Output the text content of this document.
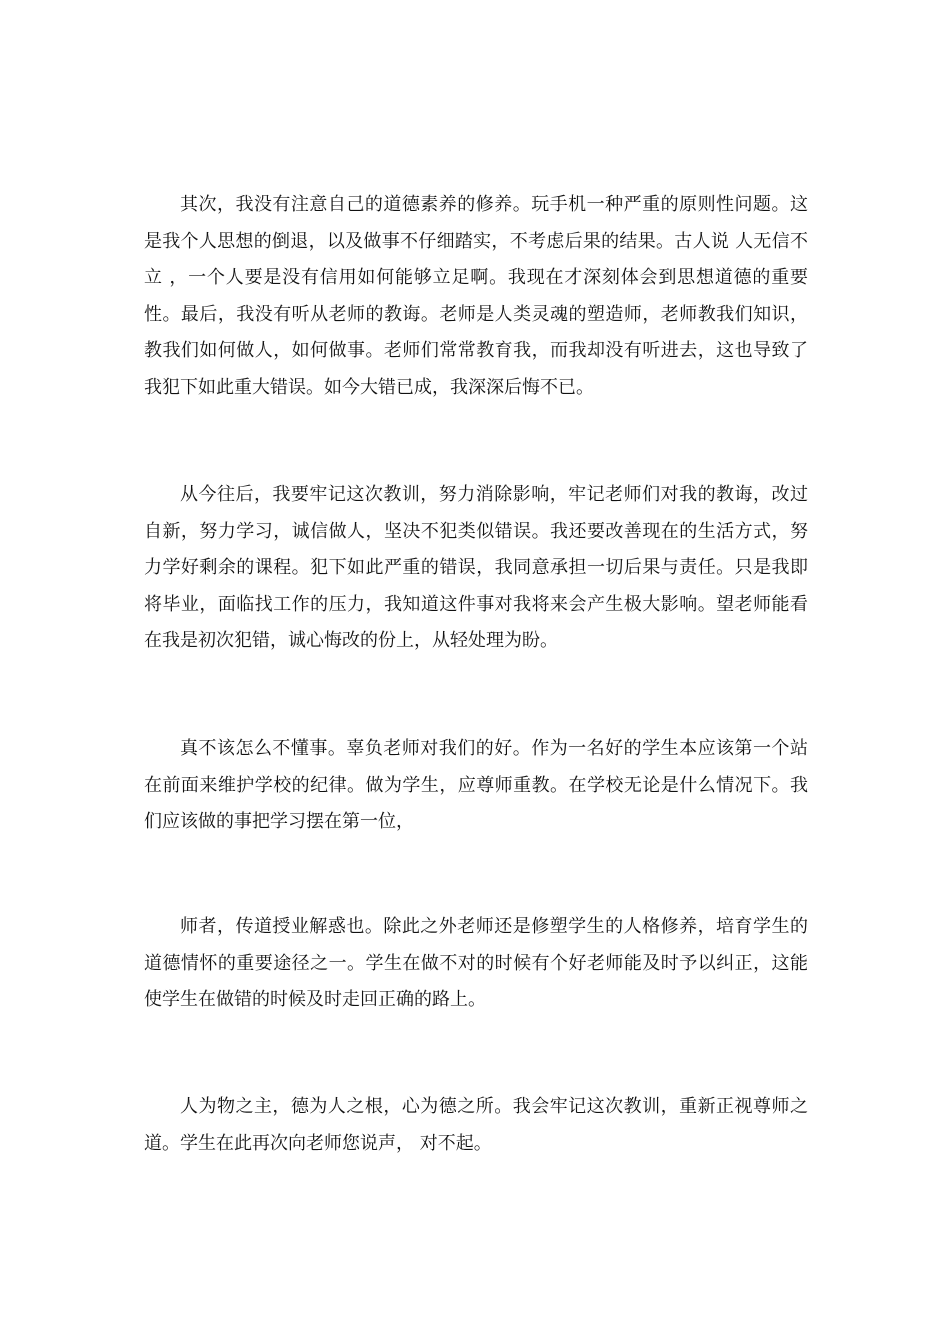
其次，我没有注意自己的道德素养的修养。玩手机一种严重的原则性问题。这是我个人思想的倒退，以及做事不仔细踏实，不考虑后果的结果。古人说 人无信不立 ，一个人要是没有信用如何能够立足啊。我现在才深刻体会到思想道德的重要性。最后，我没有听从老师的教诲。老师是人类灵魂的塑造师，老师教我们知识，教我们如何做人，如何做事。老师们常常教育我，而我却没有听进去，这也导致了我犯下如此重大错误。如今大错已成，我深深后悔不已。

从今往后，我要牢记这次教训，努力消除影响，牢记老师们对我的教诲，改过自新，努力学习，诚信做人，坚决不犯类似错误。我还要改善现在的生活方式，努力学好剩余的课程。犯下如此严重的错误，我同意承担一切后果与责任。只是我即将毕业，面临找工作的压力，我知道这件事对我将来会产生极大影响。望老师能看在我是初次犯错，诚心悔改的份上，从轻处理为盼。

真不该怎么不懂事。辜负老师对我们的好。作为一名好的学生本应该第一个站在前面来维护学校的纪律。做为学生，应尊师重教。在学校无论是什么情况下。我们应该做的事把学习摆在第一位，

师者，传道授业解惑也。除此之外老师还是修塑学生的人格修养，培育学生的道德情怀的重要途径之一。学生在做不对的时候有个好老师能及时予以纠正，这能使学生在做错的时候及时走回正确的路上。

人为物之主，德为人之根，心为德之所。我会牢记这次教训，重新正视尊师之道。学生在此再次向老师您说声， 对不起。
